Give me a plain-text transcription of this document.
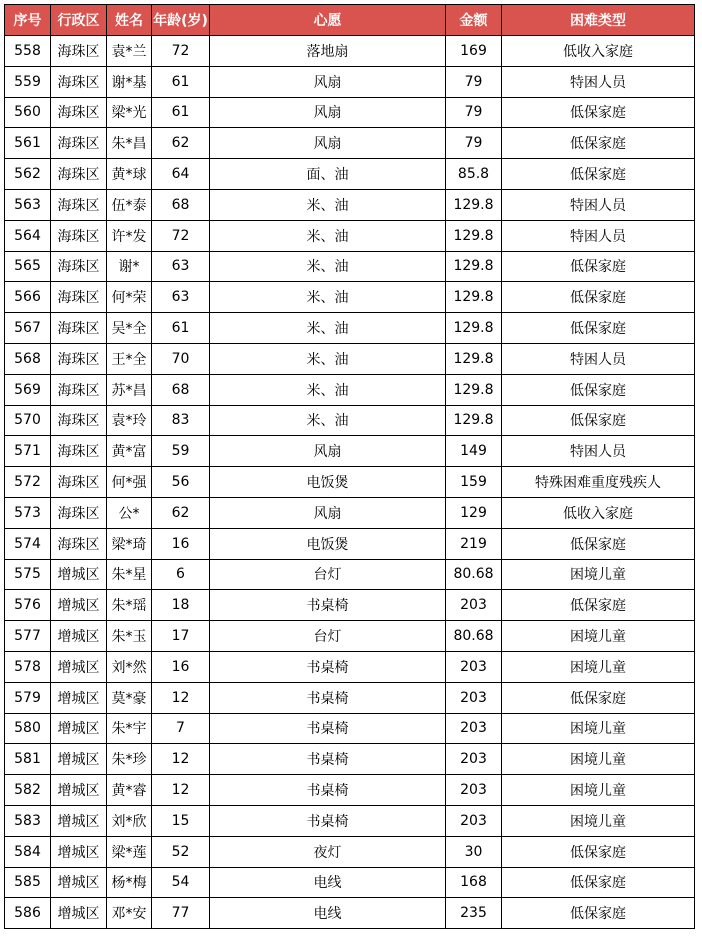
序号	行政区	姓名	年龄(岁)	心愿	金额	困难类型
558	海珠区	袁*兰	72	落地扇	169	低收入家庭
559	海珠区	谢*基	61	风扇	79	特困人员
560	海珠区	梁*光	61	风扇	79	低保家庭
561	海珠区	朱*昌	62	风扇	79	低保家庭
562	海珠区	黄*球	64	面、油	85.8	低保家庭
563	海珠区	伍*泰	68	米、油	129.8	特困人员
564	海珠区	许*发	72	米、油	129.8	特困人员
565	海珠区	谢*	63	米、油	129.8	低保家庭
566	海珠区	何*荣	63	米、油	129.8	低保家庭
567	海珠区	吴*全	61	米、油	129.8	低保家庭
568	海珠区	王*全	70	米、油	129.8	特困人员
569	海珠区	苏*昌	68	米、油	129.8	低保家庭
570	海珠区	袁*玲	83	米、油	129.8	低保家庭
571	海珠区	黄*富	59	风扇	149	特困人员
572	海珠区	何*强	56	电饭煲	159	特殊困难重度残疾人
573	海珠区	公*	62	风扇	129	低收入家庭
574	海珠区	梁*琦	16	电饭煲	219	低保家庭
575	增城区	朱*星	6	台灯	80.68	困境儿童
576	增城区	朱*瑶	18	书桌椅	203	低保家庭
577	增城区	朱*玉	17	台灯	80.68	困境儿童
578	增城区	刘*然	16	书桌椅	203	困境儿童
579	增城区	莫*豪	12	书桌椅	203	低保家庭
580	增城区	朱*宇	7	书桌椅	203	困境儿童
581	增城区	朱*珍	12	书桌椅	203	困境儿童
582	增城区	黄*睿	12	书桌椅	203	困境儿童
583	增城区	刘*欣	15	书桌椅	203	困境儿童
584	增城区	梁*莲	52	夜灯	30	低保家庭
585	增城区	杨*梅	54	电线	168	低保家庭
586	增城区	邓*安	77	电线	235	低保家庭
